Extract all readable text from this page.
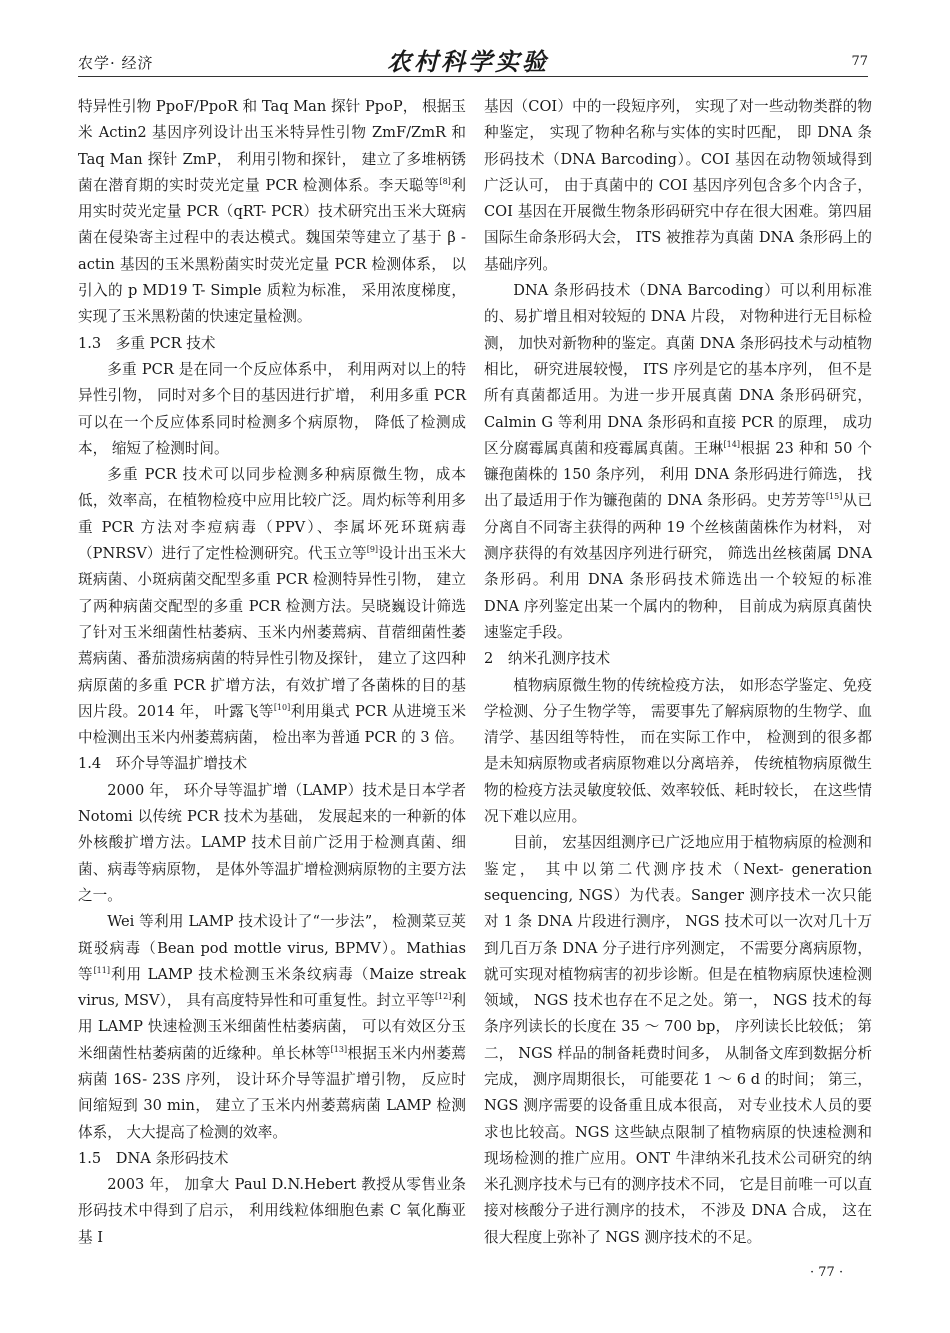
农学· 经济	农村科学实验	77

特异性引物 PpoF/PpoR 和 Taq Man 探针 PpoP， 根据玉米 Actin2 基因序列设计出玉米特异性引物 ZmF/ZmR 和 Taq Man 探针 ZmP， 利用引物和探针， 建立了多堆柄锈菌在潜育期的实时荧光定量 PCR 检测体系。李天聪等[8]利用实时荧光定量 PCR（qRT- PCR）技术研究出玉米大斑病菌在侵染寄主过程中的表达模式。魏国荣等建立了基于 β - actin 基因的玉米黑粉菌实时荧光定量 PCR 检测体系， 以引入的 p MD19 T- Simple 质粒为标准， 采用浓度梯度， 实现了玉米黑粉菌的快速定量检测。

1.3　多重 PCR 技术

多重 PCR 是在同一个反应体系中， 利用两对以上的特异性引物， 同时对多个目的基因进行扩增， 利用多重 PCR 可以在一个反应体系同时检测多个病原物， 降低了检测成本， 缩短了检测时间。

多重 PCR 技术可以同步检测多种病原微生物，成本低，效率高，在植物检疫中应用比较广泛。周灼标等利用多重 PCR 方法对李痘病毒（PPV）、李属坏死环斑病毒（PNRSV）进行了定性检测研究。代玉立等[9]设计出玉米大斑病菌、小斑病菌交配型多重 PCR 检测特异性引物， 建立了两种病菌交配型的多重 PCR 检测方法。吴晓巍设计筛选了针对玉米细菌性枯萎病、玉米内州萎蔫病、苜蓿细菌性萎蔫病菌、番茄溃疡病菌的特异性引物及探针， 建立了这四种病原菌的多重 PCR 扩增方法，有效扩增了各菌株的目的基因片段。2014 年， 叶露飞等[10]利用巢式 PCR 从进境玉米中检测出玉米内州萎蔫病菌， 检出率为普通 PCR 的 3 倍。

1.4　环介导等温扩增技术

2000 年， 环介导等温扩增（LAMP）技术是日本学者 Notomi 以传统 PCR 技术为基础， 发展起来的一种新的体外核酸扩增方法。LAMP 技术目前广泛用于检测真菌、细菌、病毒等病原物， 是体外等温扩增检测病原物的主要方法之一。

Wei 等利用 LAMP 技术设计了“一步法”， 检测菜豆荚斑驳病毒（Bean pod mottle virus, BPMV）。Mathias 等[11]利用 LAMP 技术检测玉米条纹病毒（Maize streak virus, MSV）， 具有高度特异性和可重复性。封立平等[12]利用 LAMP 快速检测玉米细菌性枯萎病菌， 可以有效区分玉米细菌性枯萎病菌的近缘种。单长林等[13]根据玉米内州萎蔫病菌 16S- 23S 序列， 设计环介导等温扩增引物， 反应时间缩短到 30 min， 建立了玉米内州萎蔫病菌 LAMP 检测体系， 大大提高了检测的效率。

1.5　DNA 条形码技术

2003 年， 加拿大 Paul D.N.Hebert 教授从零售业条形码技术中得到了启示， 利用线粒体细胞色素 C 氧化酶亚基 I

基因（COI）中的一段短序列， 实现了对一些动物类群的物种鉴定， 实现了物种名称与实体的实时匹配， 即 DNA 条形码技术（DNA Barcoding）。COI 基因在动物领域得到广泛认可， 由于真菌中的 COI 基因序列包含多个内含子， COI 基因在开展微生物条形码研究中存在很大困难。第四届国际生命条形码大会， ITS 被推荐为真菌 DNA 条形码上的基础序列。

DNA 条形码技术（DNA Barcoding）可以利用标准的、易扩增且相对较短的 DNA 片段， 对物种进行无目标检测， 加快对新物种的鉴定。真菌 DNA 条形码技术与动植物相比， 研究进展较慢， ITS 序列是它的基本序列， 但不是所有真菌都适用。为进一步开展真菌 DNA 条形码研究， Calmin G 等利用 DNA 条形码和直接 PCR 的原理， 成功区分腐霉属真菌和疫霉属真菌。王琳[14]根据 23 种和 50 个镰孢菌株的 150 条序列， 利用 DNA 条形码进行筛选， 找出了最适用于作为镰孢菌的 DNA 条形码。史芳芳等[15]从已分离自不同寄主获得的两种 19 个丝核菌菌株作为材料， 对测序获得的有效基因序列进行研究， 筛选出丝核菌属 DNA 条形码。利用 DNA 条形码技术筛选出一个较短的标准 DNA 序列鉴定出某一个属内的物种， 目前成为病原真菌快速鉴定手段。

2　纳米孔测序技术

植物病原微生物的传统检疫方法， 如形态学鉴定、免疫学检测、分子生物学等， 需要事先了解病原物的生物学、血清学、基因组等特性， 而在实际工作中， 检测到的很多都是未知病原物或者病原物难以分离培养， 传统植物病原微生物的检疫方法灵敏度较低、效率较低、耗时较长， 在这些情况下难以应用。

目前， 宏基因组测序已广泛地应用于植物病原的检测和鉴定， 其中以第二代测序技术（Next- generation sequencing, NGS）为代表。Sanger 测序技术一次只能对 1 条 DNA 片段进行测序， NGS 技术可以一次对几十万到几百万条 DNA 分子进行序列测定， 不需要分离病原物， 就可实现对植物病害的初步诊断。但是在植物病原快速检测领域， NGS 技术也存在不足之处。第一， NGS 技术的每条序列读长的长度在 35 ～ 700 bp， 序列读长比较低； 第二， NGS 样品的制备耗费时间多， 从制备文库到数据分析完成， 测序周期很长， 可能要花 1 ～ 6 d 的时间； 第三， NGS 测序需要的设备重且成本很高， 对专业技术人员的要求也比较高。NGS 这些缺点限制了植物病原的快速检测和现场检测的推广应用。ONT 牛津纳米孔技术公司研究的纳米孔测序技术与已有的测序技术不同， 它是目前唯一可以直接对核酸分子进行测序的技术， 不涉及 DNA 合成， 这在很大程度上弥补了 NGS 测序技术的不足。

· 77 ·
